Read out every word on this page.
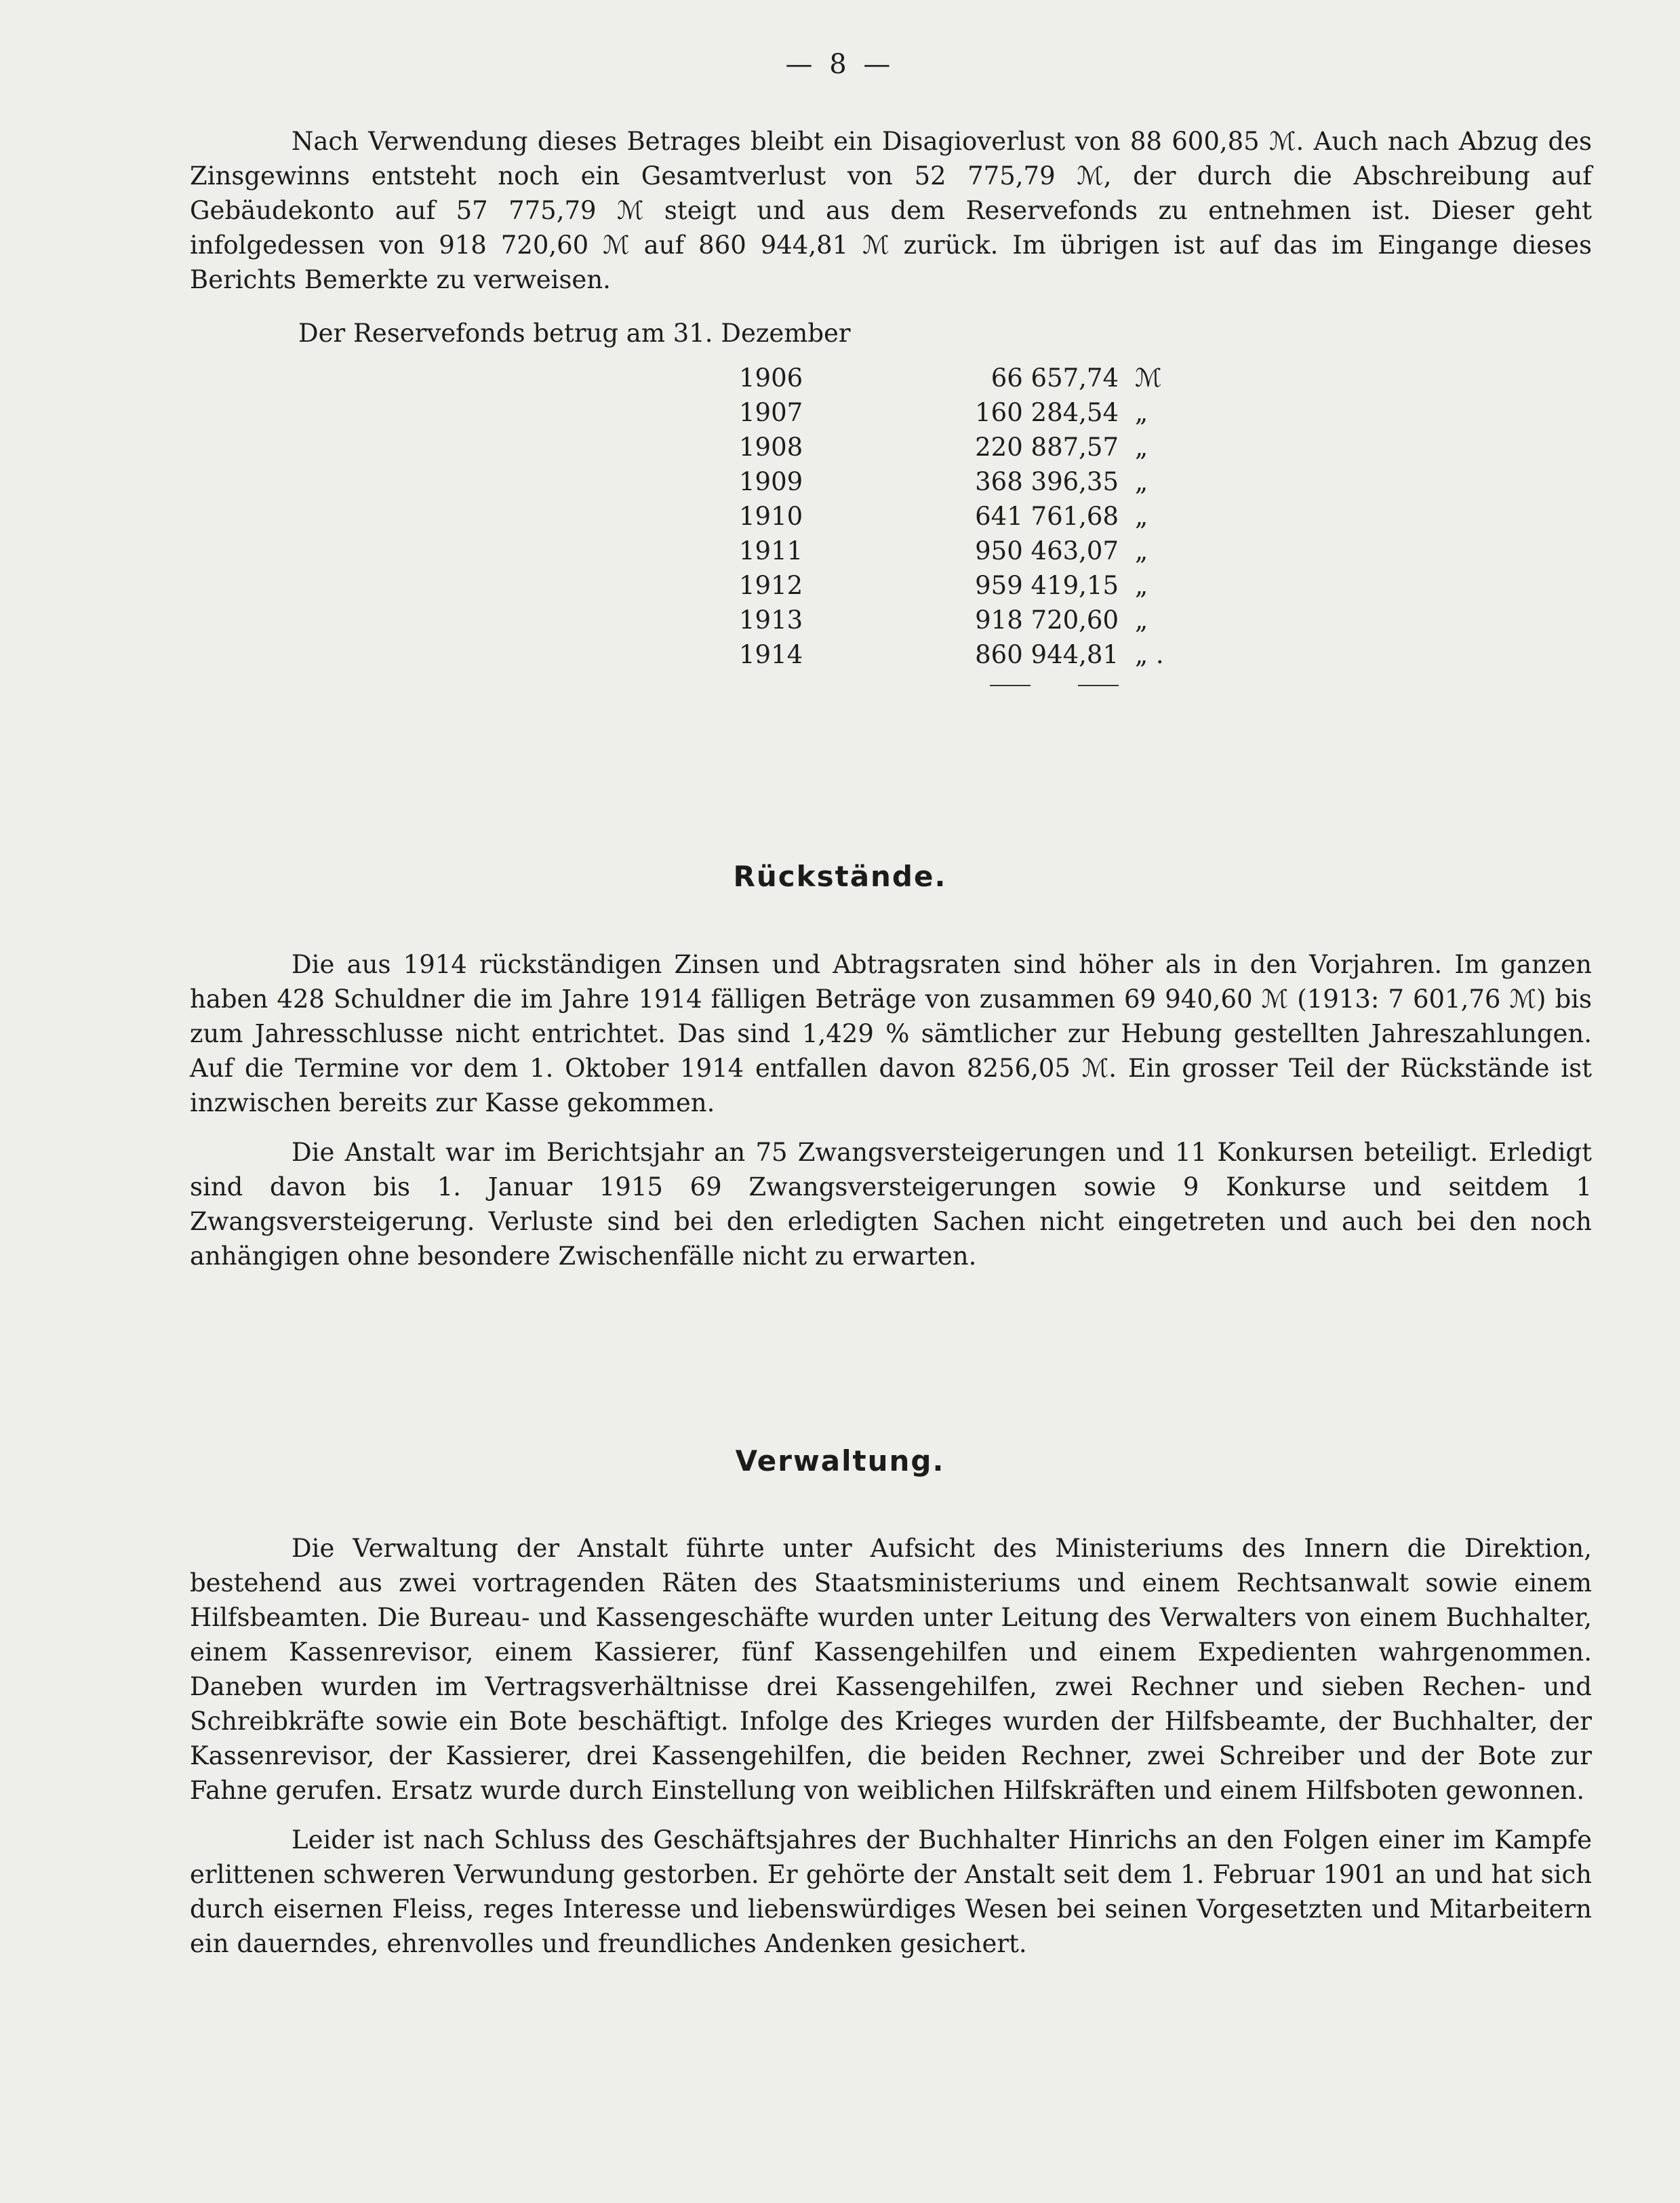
— 8 —

Nach Verwendung dieses Betrages bleibt ein Disagioverlust von 88 600,85 ℳ. Auch nach Abzug des Zinsgewinns entsteht noch ein Gesamtverlust von 52 775,79 ℳ, der durch die Abschreibung auf Gebäudekonto auf 57 775,79 ℳ steigt und aus dem Reservefonds zu entnehmen ist. Dieser geht infolgedessen von 918 720,60 ℳ auf 860 944,81 ℳ zurück. Im übrigen ist auf das im Eingange dieses Berichts Bemerkte zu verweisen.

Der Reservefonds betrug am 31. Dezember
1906	66 657,74 ℳ
1907	160 284,54 „
1908	220 887,57 „
1909	368 396,35 „
1910	641 761,68 „
1911	950 463,07 „
1912	959 419,15 „
1913	918 720,60 „
1914	860 944,81 „ .
Rückstände.

Die aus 1914 rückständigen Zinsen und Abtragsraten sind höher als in den Vorjahren. Im ganzen haben 428 Schuldner die im Jahre 1914 fälligen Beträge von zusammen 69 940,60 ℳ (1913: 7 601,76 ℳ) bis zum Jahresschlusse nicht entrichtet. Das sind 1,429 % sämtlicher zur Hebung gestellten Jahreszahlungen. Auf die Termine vor dem 1. Oktober 1914 entfallen davon 8256,05 ℳ. Ein grosser Teil der Rückstände ist inzwischen bereits zur Kasse gekommen.

Die Anstalt war im Berichtsjahr an 75 Zwangsversteigerungen und 11 Konkursen beteiligt. Erledigt sind davon bis 1. Januar 1915 69 Zwangsversteigerungen sowie 9 Konkurse und seitdem 1 Zwangsversteigerung. Verluste sind bei den erledigten Sachen nicht eingetreten und auch bei den noch anhängigen ohne besondere Zwischenfälle nicht zu erwarten.

Verwaltung.

Die Verwaltung der Anstalt führte unter Aufsicht des Ministeriums des Innern die Direktion, bestehend aus zwei vortragenden Räten des Staatsministeriums und einem Rechtsanwalt sowie einem Hilfsbeamten. Die Bureau- und Kassengeschäfte wurden unter Leitung des Verwalters von einem Buchhalter, einem Kassenrevisor, einem Kassierer, fünf Kassengehilfen und einem Expedienten wahrgenommen. Daneben wurden im Vertragsverhältnisse drei Kassengehilfen, zwei Rechner und sieben Rechen- und Schreibkräfte sowie ein Bote beschäftigt. Infolge des Krieges wurden der Hilfsbeamte, der Buchhalter, der Kassenrevisor, der Kassierer, drei Kassengehilfen, die beiden Rechner, zwei Schreiber und der Bote zur Fahne gerufen. Ersatz wurde durch Einstellung von weiblichen Hilfskräften und einem Hilfsboten gewonnen.

Leider ist nach Schluss des Geschäftsjahres der Buchhalter Hinrichs an den Folgen einer im Kampfe erlittenen schweren Verwundung gestorben. Er gehörte der Anstalt seit dem 1. Februar 1901 an und hat sich durch eisernen Fleiss, reges Interesse und liebenswürdiges Wesen bei seinen Vorgesetzten und Mitarbeitern ein dauerndes, ehrenvolles und freundliches Andenken gesichert.
